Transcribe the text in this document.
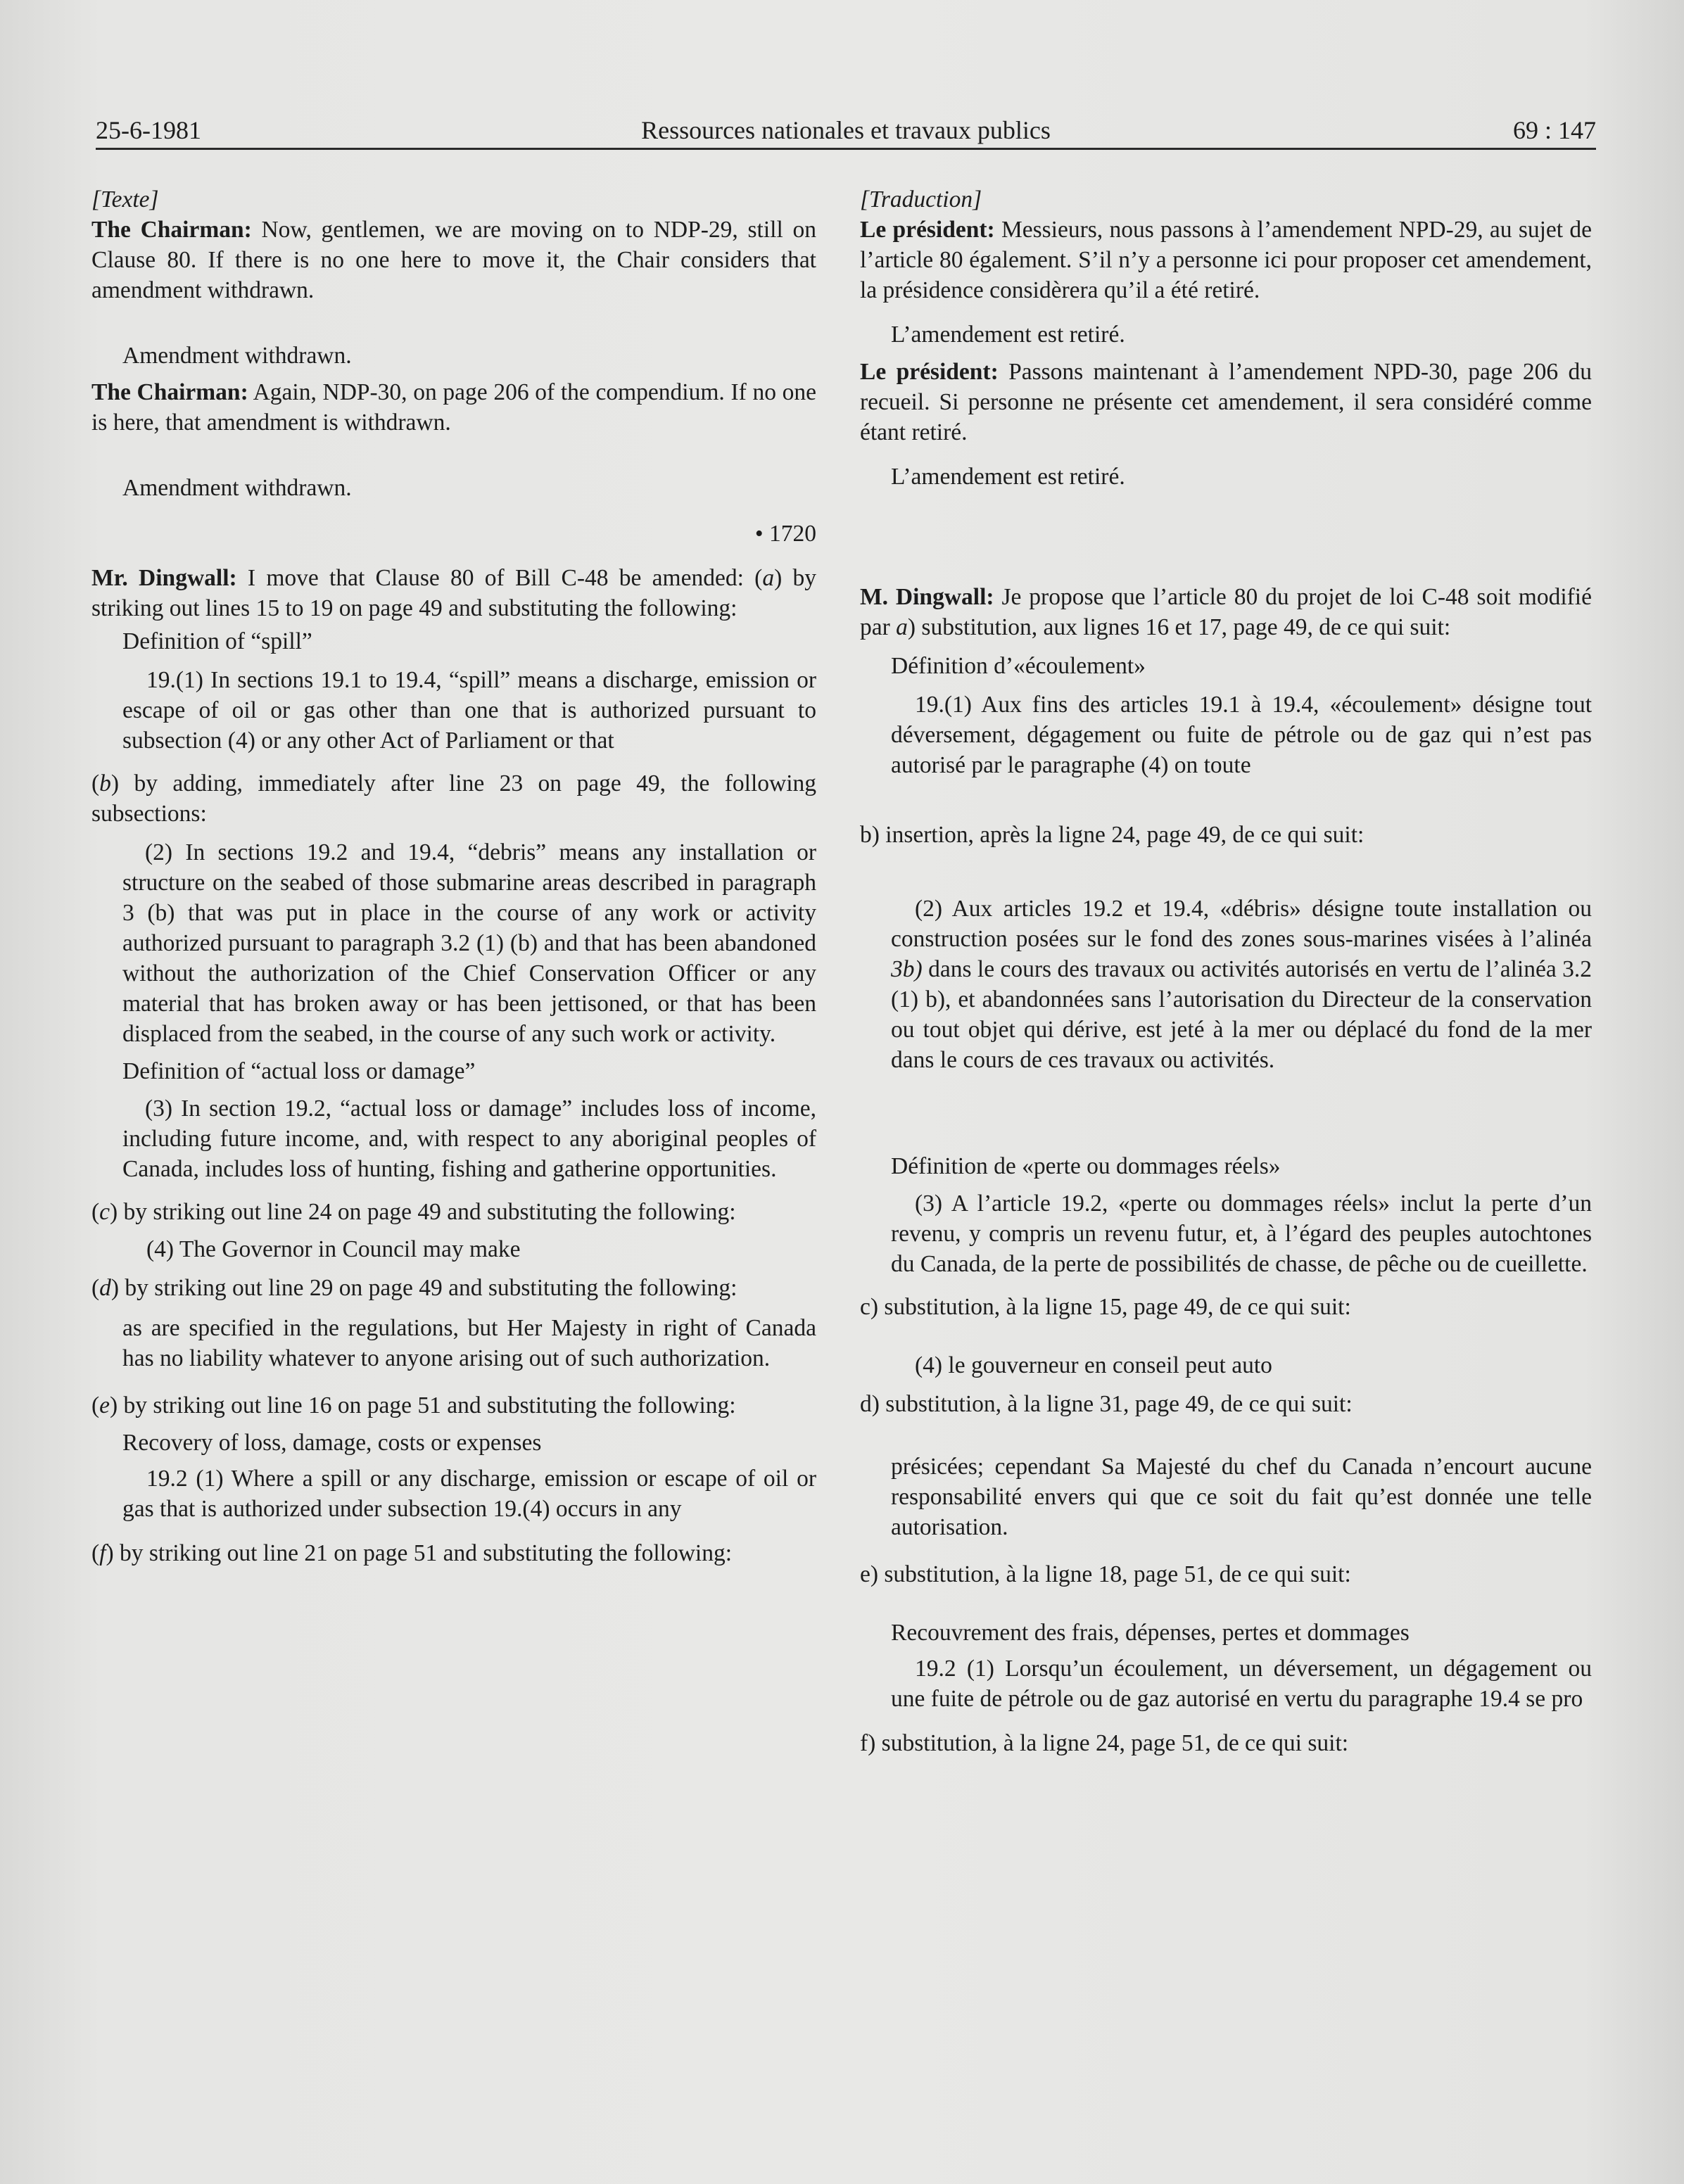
25-6-1981	Ressources nationales et travaux publics	69 : 147

[Texte]

The Chairman: Now, gentlemen, we are moving on to NDP-29, still on Clause 80. If there is no one here to move it, the Chair considers that amendment withdrawn.

Amendment withdrawn.

The Chairman: Again, NDP-30, on page 206 of the compendium. If no one is here, that amendment is withdrawn.

Amendment withdrawn.

• 1720

Mr. Dingwall: I move that Clause 80 of Bill C-48 be amended: (a) by striking out lines 15 to 19 on page 49 and substituting the following:

Definition of “spill”

19.(1) In sections 19.1 to 19.4, “spill” means a discharge, emission or escape of oil or gas other than one that is authorized pursuant to subsection (4) or any other Act of Parliament or that

(b) by adding, immediately after line 23 on page 49, the following subsections:

(2) In sections 19.2 and 19.4, “debris” means any installation or structure on the seabed of those submarine areas described in paragraph 3 (b) that was put in place in the course of any work or activity authorized pursuant to paragraph 3.2 (1) (b) and that has been abandoned without the authorization of the Chief Conservation Officer or any material that has broken away or has been jettisoned, or that has been displaced from the seabed, in the course of any such work or activity.

Definition of “actual loss or damage”

(3) In section 19.2, “actual loss or damage” includes loss of income, including future income, and, with respect to any aboriginal peoples of Canada, includes loss of hunting, fishing and gatherine opportunities.

(c) by striking out line 24 on page 49 and substituting the following:

(4) The Governor in Council may make

(d) by striking out line 29 on page 49 and substituting the following:

as are specified in the regulations, but Her Majesty in right of Canada has no liability whatever to anyone arising out of such authorization.

(e) by striking out line 16 on page 51 and substituting the following:

Recovery of loss, damage, costs or expenses

19.2 (1) Where a spill or any discharge, emission or escape of oil or gas that is authorized under subsection 19.(4) occurs in any

(f) by striking out line 21 on page 51 and substituting the following:

[Traduction]

Le président: Messieurs, nous passons à l’amendement NPD-29, au sujet de l’article 80 également. S’il n’y a personne ici pour proposer cet amendement, la présidence considèrera qu’il a été retiré.

L’amendement est retiré.

Le président: Passons maintenant à l’amendement NPD-30, page 206 du recueil. Si personne ne présente cet amendement, il sera considéré comme étant retiré.

L’amendement est retiré.

M. Dingwall: Je propose que l’article 80 du projet de loi C-48 soit modifié par a) substitution, aux lignes 16 et 17, page 49, de ce qui suit:

Définition d’«écoulement»

19.(1) Aux fins des articles 19.1 à 19.4, «écoulement» désigne tout déversement, dégagement ou fuite de pétrole ou de gaz qui n’est pas autorisé par le paragraphe (4) on toute

b) insertion, après la ligne 24, page 49, de ce qui suit:

(2) Aux articles 19.2 et 19.4, «débris» désigne toute installation ou construction posées sur le fond des zones sous-marines visées à l’alinéa 3b) dans le cours des travaux ou activités autorisés en vertu de l’alinéa 3.2 (1) b), et abandonnées sans l’autorisation du Directeur de la conservation ou tout objet qui dérive, est jeté à la mer ou déplacé du fond de la mer dans le cours de ces travaux ou activités.

Définition de «perte ou dommages réels»

(3) A l’article 19.2, «perte ou dommages réels» inclut la perte d’un revenu, y compris un revenu futur, et, à l’égard des peuples autochtones du Canada, de la perte de possibilités de chasse, de pêche ou de cueillette.

c) substitution, à la ligne 15, page 49, de ce qui suit:

(4) le gouverneur en conseil peut auto

d) substitution, à la ligne 31, page 49, de ce qui suit:

présicées; cependant Sa Majesté du chef du Canada n’encourt aucune responsabilité envers qui que ce soit du fait qu’est donnée une telle autorisation.

e) substitution, à la ligne 18, page 51, de ce qui suit:

Recouvrement des frais, dépenses, pertes et dommages

19.2 (1) Lorsqu’un écoulement, un déversement, un dégagement ou une fuite de pétrole ou de gaz autorisé en vertu du paragraphe 19.4 se pro

f) substitution, à la ligne 24, page 51, de ce qui suit:
